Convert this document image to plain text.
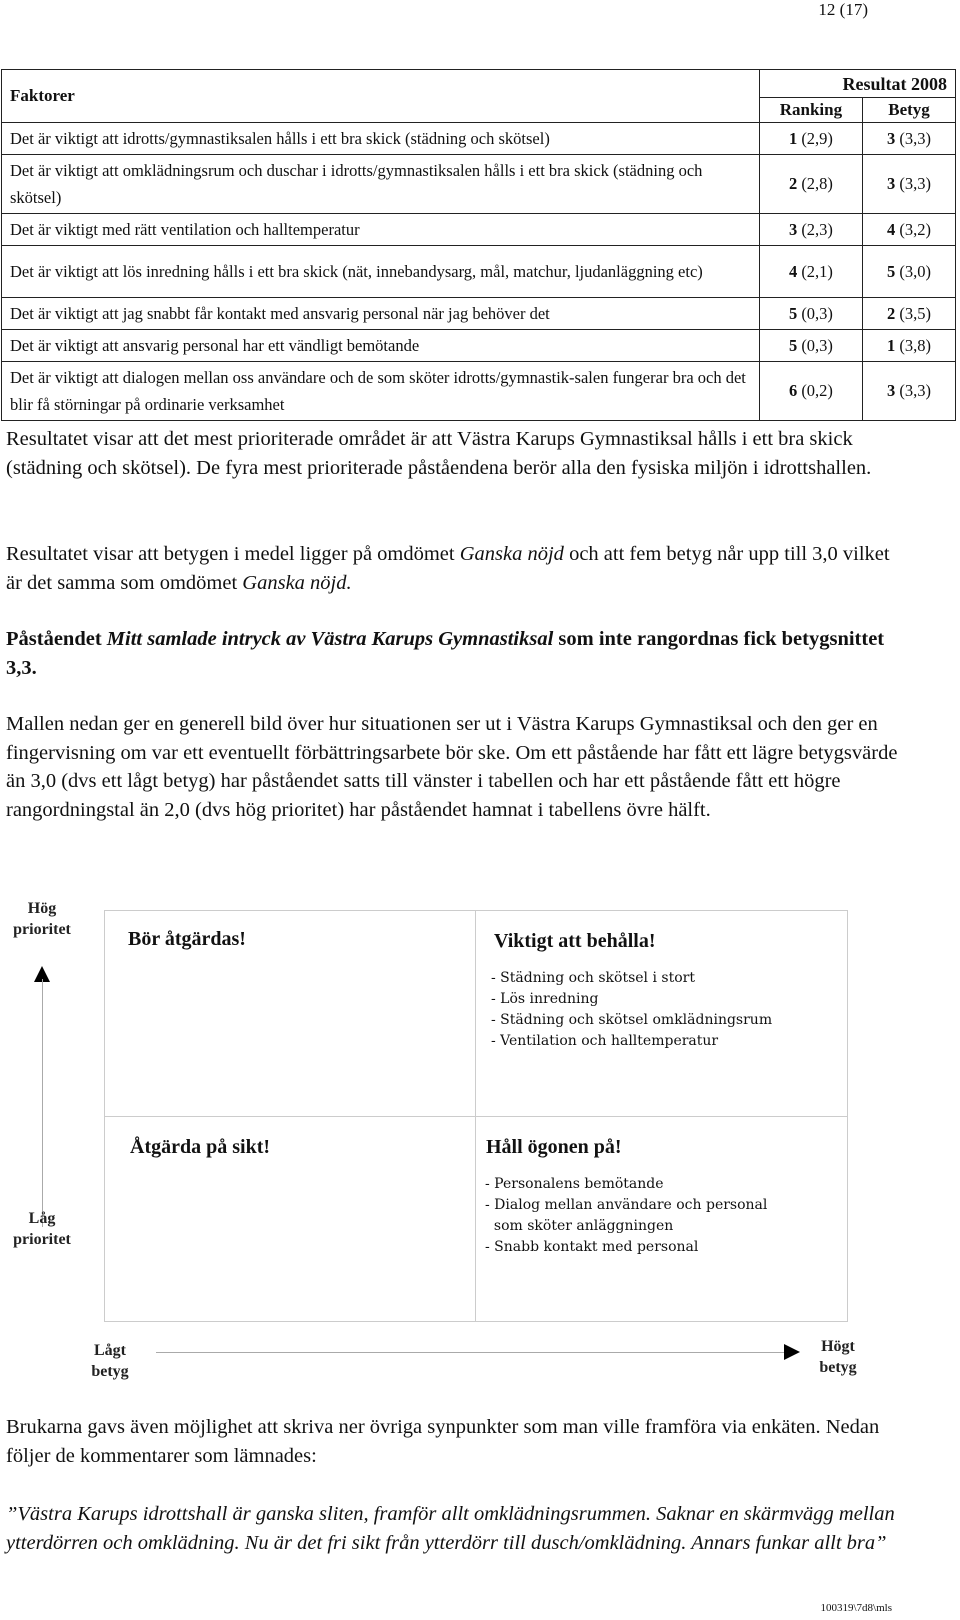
12 (17)
Faktorer	Resultat 2008	
	Ranking	Betyg
Det är viktigt att idrotts/gymnastiksalen hålls i ett bra skick (städning och skötsel)	1 (2,9)	3 (3,3)
Det är viktigt att omklädningsrum och duschar i idrotts/gymnastiksalen hålls i ett bra skick (städning och skötsel)	2 (2,8)	3 (3,3)
Det är viktigt med rätt ventilation och halltemperatur	3 (2,3)	4 (3,2)
Det är viktigt att lös inredning hålls i ett bra skick (nät, innebandysarg, mål, matchur, ljudanläggning etc)	4 (2,1)	5 (3,0)
Det är viktigt att jag snabbt får kontakt med ansvarig personal när jag behöver det	5 (0,3)	2 (3,5)
Det är viktigt att ansvarig personal har ett vändligt bemötande	5 (0,3)	1 (3,8)
Det är viktigt att dialogen mellan oss användare och de som sköter idrotts/gymnastik-salen fungerar bra och det blir få störningar på ordinarie verksamhet	6 (0,2)	3 (3,3)

Resultatet visar att det mest prioriterade området är att Västra Karups Gymnastiksal hålls i ett bra skick (städning och skötsel). De fyra mest prioriterade påståendena berör alla den fysiska miljön i idrottshallen.

Resultatet visar att betygen i medel ligger på omdömet Ganska nöjd och att fem betyg når upp till 3,0 vilket är det samma som omdömet Ganska nöjd.

Påståendet Mitt samlade intryck av Västra Karups Gymnastiksal som inte rangordnas fick betygsnittet 3,3.

Mallen nedan ger en generell bild över hur situationen ser ut i Västra Karups Gymnastiksal och den ger en fingervisning om var ett eventuellt förbättringsarbete bör ske. Om ett påstående har fått ett lägre betygsvärde än 3,0 (dvs ett lågt betyg) har påståendet satts till vänster i tabellen och har ett påstående fått ett högre rangordningstal än 2,0 (dvs hög prioritet) har påståendet hamnat i tabellens övre hälft.

Hög prioritet
Låg prioritet
Bör åtgärdas!	Viktigt att behålla!
- Städning och skötsel i stort
- Lös inredning
- Städning och skötsel omklädningsrum
- Ventilation och halltemperatur
Åtgärda på sikt!	Håll ögonen på!
- Personalens bemötande
- Dialog mellan användare och personal
som sköter anläggningen
- Snabb kontakt med personal
Lågt betyg
Högt betyg

Brukarna gavs även möjlighet att skriva ner övriga synpunkter som man ville framföra via enkäten. Nedan följer de kommentarer som lämnades:

”Västra Karups idrottshall är ganska sliten, framför allt omklädningsrummen. Saknar en skärmvägg mellan ytterdörren och omklädning. Nu är det fri sikt från ytterdörr till dusch/omklädning. Annars funkar allt bra”

100319\7d8\mls
